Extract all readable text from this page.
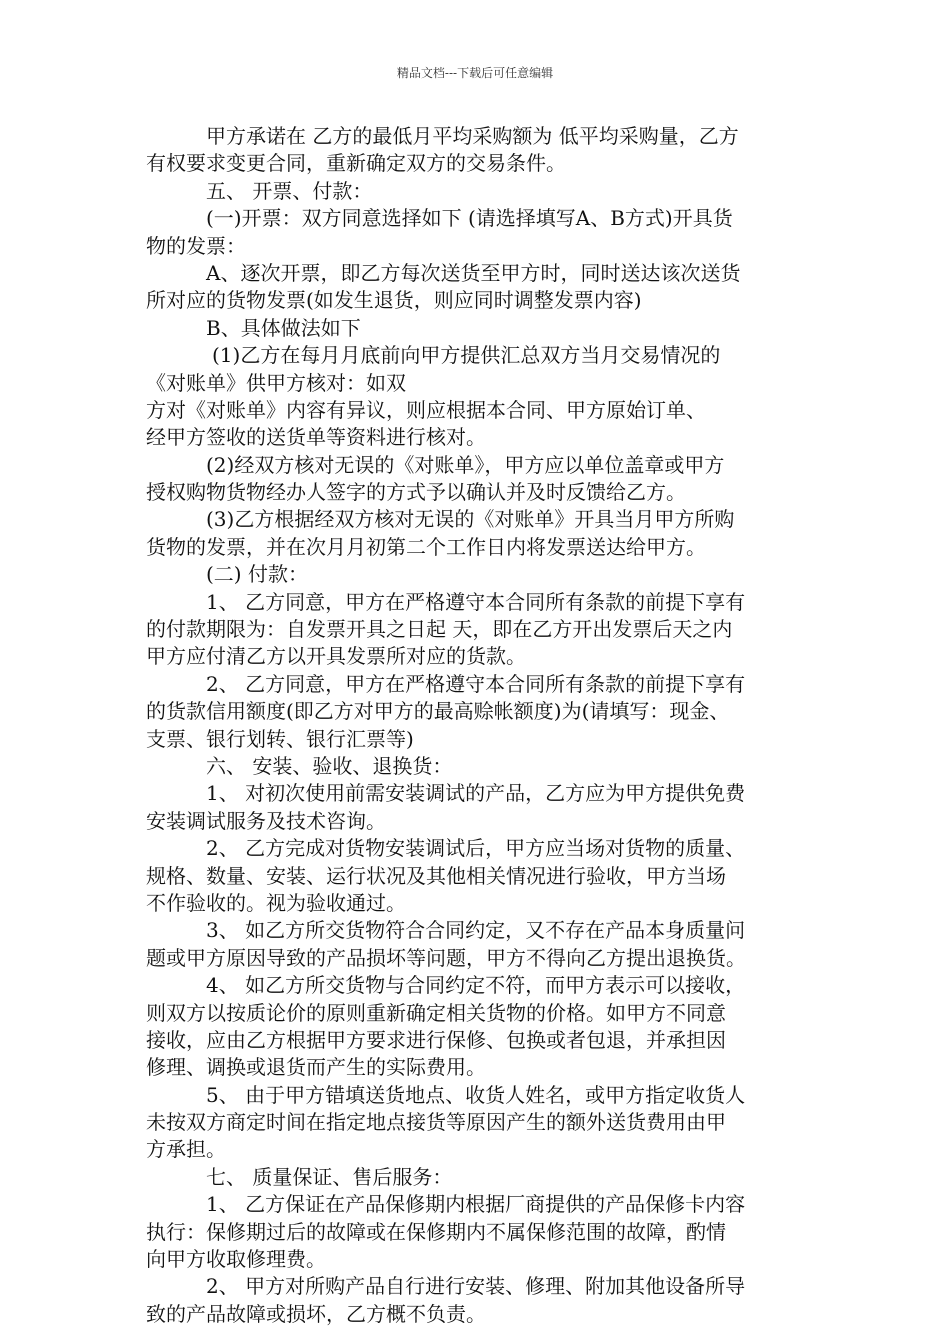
精品文档---下载后可任意编辑
甲方承诺在 乙方的最低月平均采购额为 低平均采购量，乙方
有权要求变更合同，重新确定双方的交易条件。
五、 开票、付款：
(一)开票：双方同意选择如下 (请选择填写A、B方式)开具货
物的发票：
A、逐次开票，即乙方每次送货至甲方时，同时送达该次送货
所对应的货物发票(如发生退货，则应同时调整发票内容)
B、具体做法如下
(1)乙方在每月月底前向甲方提供汇总双方当月交易情况的
《对账单》供甲方核对：如双
方对《对账单》内容有异议，则应根据本合同、甲方原始订单、
经甲方签收的送货单等资料进行核对。
(2)经双方核对无误的《对账单》，甲方应以单位盖章或甲方
授权购物货物经办人签字的方式予以确认并及时反馈给乙方。
(3)乙方根据经双方核对无误的《对账单》开具当月甲方所购
货物的发票，并在次月月初第二个工作日内将发票送达给甲方。
(二) 付款：
1、 乙方同意，甲方在严格遵守本合同所有条款的前提下享有
的付款期限为：自发票开具之日起 天，即在乙方开出发票后天之内
甲方应付清乙方以开具发票所对应的货款。
2、 乙方同意，甲方在严格遵守本合同所有条款的前提下享有
的货款信用额度(即乙方对甲方的最高赊帐额度)为(请填写：现金、
支票、银行划转、银行汇票等)
六、 安装、验收、退换货：
1、 对初次使用前需安装调试的产品，乙方应为甲方提供免费
安装调试服务及技术咨询。
2、 乙方完成对货物安装调试后，甲方应当场对货物的质量、
规格、数量、安装、运行状况及其他相关情况进行验收，甲方当场
不作验收的。视为验收通过。
3、 如乙方所交货物符合合同约定，又不存在产品本身质量问
题或甲方原因导致的产品损坏等问题，甲方不得向乙方提出退换货。
4、 如乙方所交货物与合同约定不符，而甲方表示可以接收，
则双方以按质论价的原则重新确定相关货物的价格。如甲方不同意
接收，应由乙方根据甲方要求进行保修、包换或者包退，并承担因
修理、调换或退货而产生的实际费用。
5、 由于甲方错填送货地点、收货人姓名，或甲方指定收货人
未按双方商定时间在指定地点接货等原因产生的额外送货费用由甲
方承担。
七、 质量保证、售后服务：
1、 乙方保证在产品保修期内根据厂商提供的产品保修卡内容
执行：保修期过后的故障或在保修期内不属保修范围的故障，酌情
向甲方收取修理费。
2、 甲方对所购产品自行进行安装、修理、附加其他设备所导
致的产品故障或损坏，乙方概不负责。
